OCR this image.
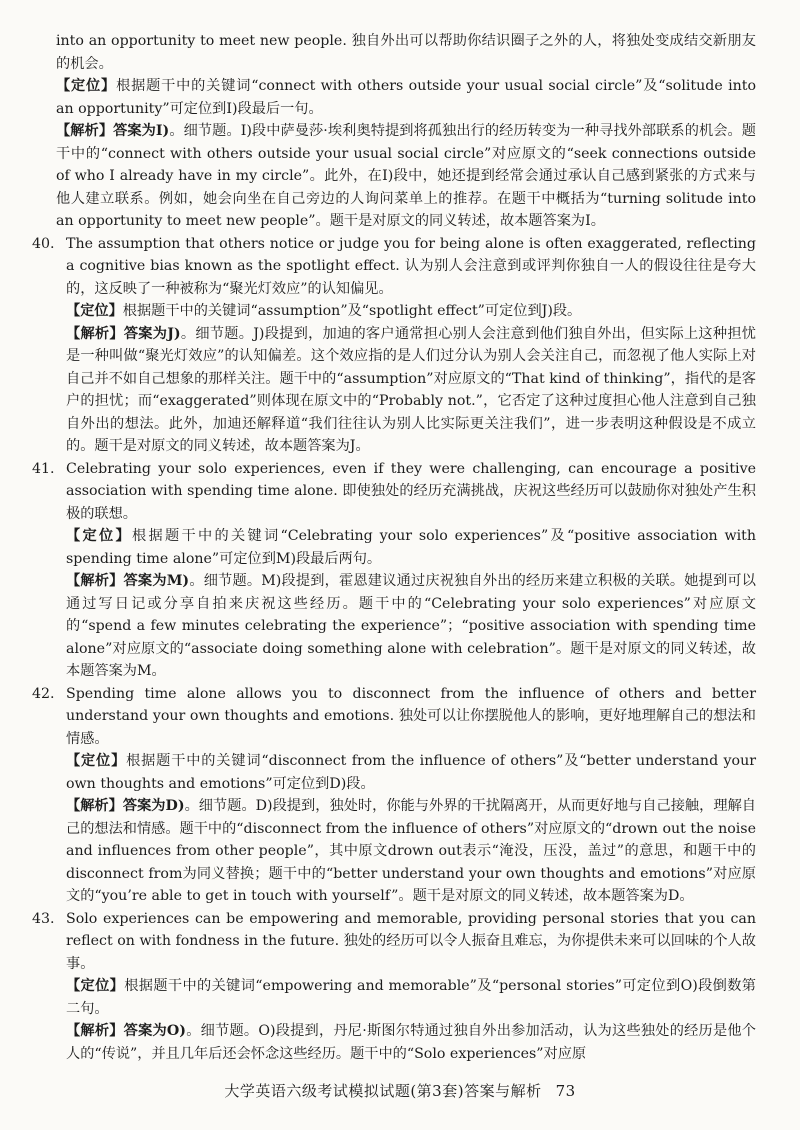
into an opportunity to meet new people. 独自外出可以帮助你结识圈子之外的人，将独处变成结交新朋友的机会。

【定位】根据题干中的关键词“connect with others outside your usual social circle”及“solitude into an opportunity”可定位到I)段最后一句。

【解析】答案为I)。细节题。I)段中萨曼莎·埃利奥特提到将孤独出行的经历转变为一种寻找外部联系的机会。题干中的“connect with others outside your usual social circle”对应原文的“seek connections outside of who I already have in my circle”。此外，在I)段中，她还提到经常会通过承认自己感到紧张的方式来与他人建立联系。例如，她会向坐在自己旁边的人询问菜单上的推荐。在题干中概括为“turning solitude into an opportunity to meet new people”。题干是对原文的同义转述，故本题答案为I。

40. The assumption that others notice or judge you for being alone is often exaggerated, reflecting a cognitive bias known as the spotlight effect. 认为别人会注意到或评判你独自一人的假设往往是夸大的，这反映了一种被称为“聚光灯效应”的认知偏见。

【定位】根据题干中的关键词“assumption”及“spotlight effect”可定位到J)段。

【解析】答案为J)。细节题。J)段提到，加迪的客户通常担心别人会注意到他们独自外出，但实际上这种担忧是一种叫做“聚光灯效应”的认知偏差。这个效应指的是人们过分认为别人会关注自己，而忽视了他人实际上对自己并不如自己想象的那样关注。题干中的“assumption”对应原文的“That kind of thinking”，指代的是客户的担忧；而“exaggerated”则体现在原文中的“Probably not.”，它否定了这种过度担心他人注意到自己独自外出的想法。此外，加迪还解释道“我们往往认为别人比实际更关注我们”，进一步表明这种假设是不成立的。题干是对原文的同义转述，故本题答案为J。

41. Celebrating your solo experiences, even if they were challenging, can encourage a positive association with spending time alone. 即使独处的经历充满挑战，庆祝这些经历可以鼓励你对独处产生积极的联想。

【定位】根据题干中的关键词“Celebrating your solo experiences”及“positive association with spending time alone”可定位到M)段最后两句。

【解析】答案为M)。细节题。M)段提到，霍恩建议通过庆祝独自外出的经历来建立积极的关联。她提到可以通过写日记或分享自拍来庆祝这些经历。题干中的“Celebrating your solo experiences”对应原文的“spend a few minutes celebrating the experience”；“positive association with spending time alone”对应原文的“associate doing something alone with celebration”。题干是对原文的同义转述，故本题答案为M。

42. Spending time alone allows you to disconnect from the influence of others and better understand your own thoughts and emotions. 独处可以让你摆脱他人的影响，更好地理解自己的想法和情感。

【定位】根据题干中的关键词“disconnect from the influence of others”及“better understand your own thoughts and emotions”可定位到D)段。

【解析】答案为D)。细节题。D)段提到，独处时，你能与外界的干扰隔离开，从而更好地与自己接触，理解自己的想法和情感。题干中的“disconnect from the influence of others”对应原文的“drown out the noise and influences from other people”，其中原文drown out表示“淹没，压没，盖过”的意思，和题干中的disconnect from为同义替换；题干中的“better understand your own thoughts and emotions”对应原文的“you’re able to get in touch with yourself”。题干是对原文的同义转述，故本题答案为D。

43. Solo experiences can be empowering and memorable, providing personal stories that you can reflect on with fondness in the future. 独处的经历可以令人振奋且难忘，为你提供未来可以回味的个人故事。

【定位】根据题干中的关键词“empowering and memorable”及“personal stories”可定位到O)段倒数第二句。

【解析】答案为O)。细节题。O)段提到，丹尼·斯图尔特通过独自外出参加活动，认为这些独处的经历是他个人的“传说”，并且几年后还会怀念这些经历。题干中的“Solo experiences”对应原

大学英语六级考试模拟试题(第3套)答案与解析 73
